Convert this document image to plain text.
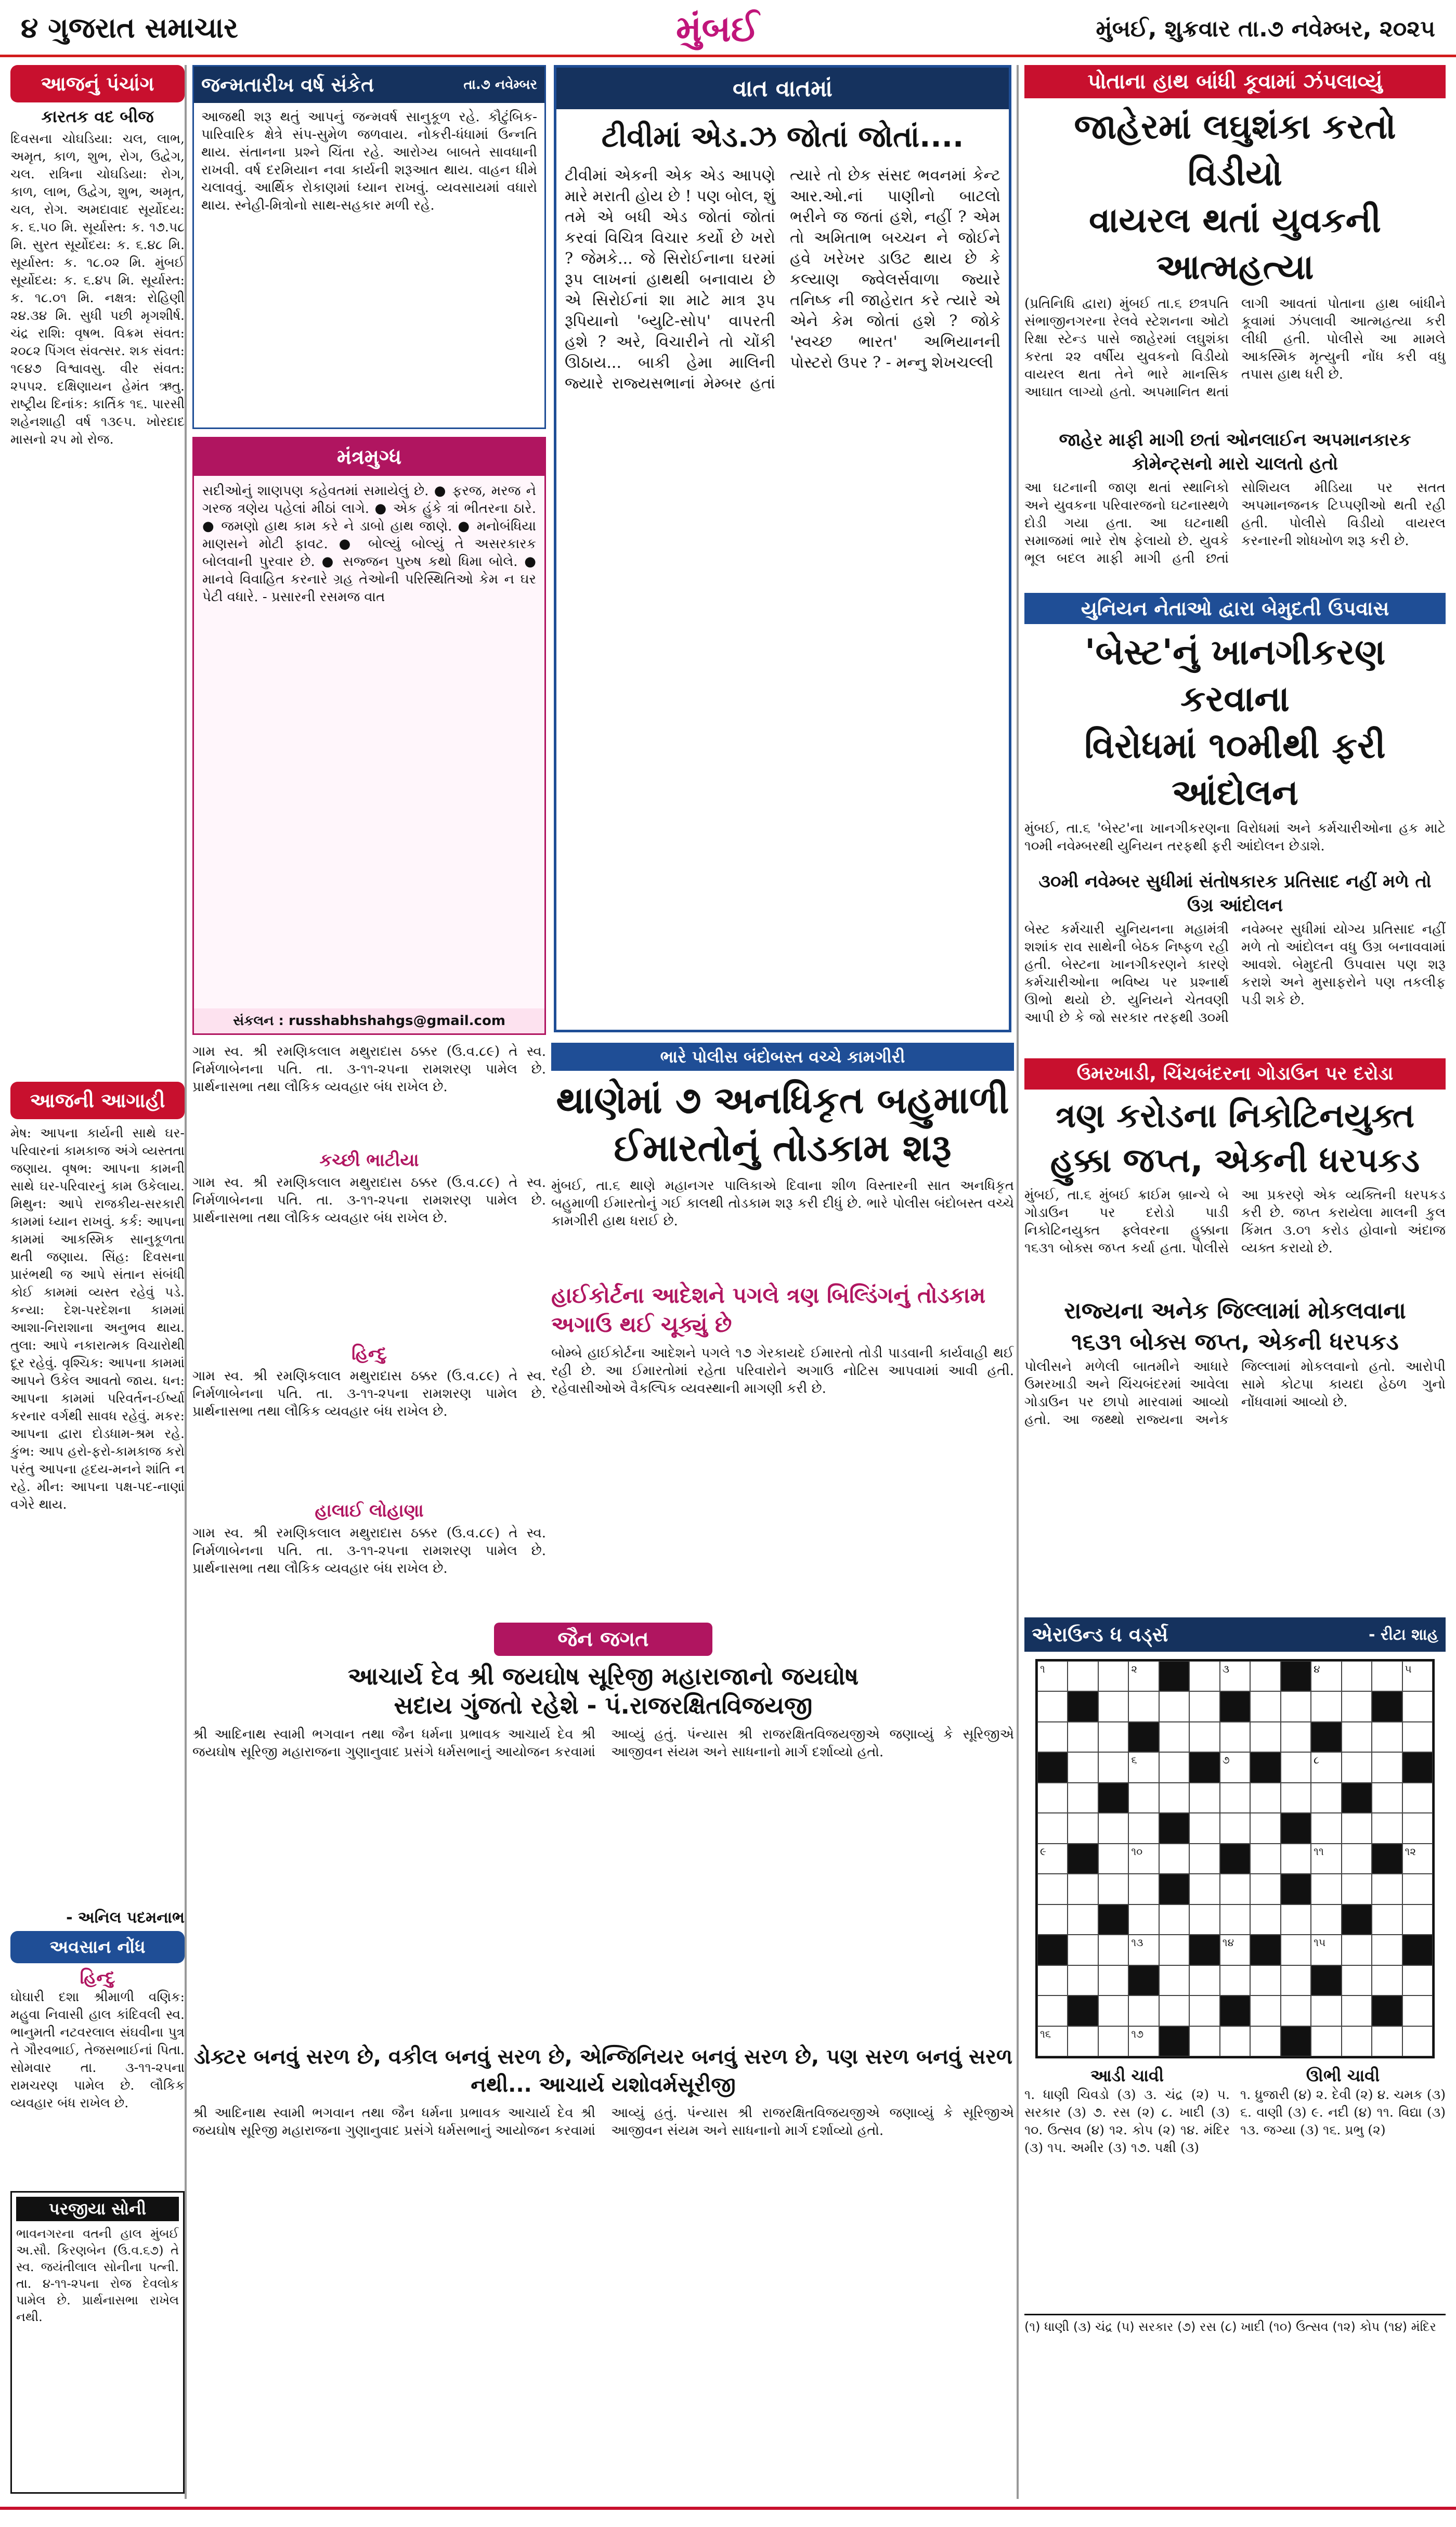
૪ ગુજરાત સમાચાર	મુંબઈ	મુંબઈ, શુક્રવાર તા.૭ નવેમ્બર, ૨૦૨૫
આજનું પંચાંગ
કારતક વદ બીજ
દિવસના ચોઘડિયા: ચલ, લાભ, અમૃત, કાળ, શુભ, રોગ, ઉદ્વેગ, ચલ. રાત્રિના ચોઘડિયા: રોગ, કાળ, લાભ, ઉદ્વેગ, શુભ, અમૃત, ચલ, રોગ. અમદાવાદ સૂર્યોદય: ક. ૬.૫૦ મિ. સૂર્યાસ્ત: ક. ૧૭.૫૮ મિ. સુરત સૂર્યોદય: ક. ૬.૪૮ મિ. સૂર્યાસ્ત: ક. ૧૮.૦૨ મિ. મુંબઈ સૂર્યોદય: ક. ૬.૪૫ મિ. સૂર્યાસ્ત: ક. ૧૮.૦૧ મિ. નક્ષત્ર: રોહિણી ૨૪.૩૪ મિ. સુધી પછી મૃગશીર્ષ. ચંદ્ર રાશિ: વૃષભ. વિક્રમ સંવત: ૨૦૮૨ પિંગલ સંવત્સર. શક સંવત: ૧૯૪૭ વિશ્વાવસુ. વીર સંવત: ૨૫૫૨. દક્ષિણાયન હેમંત ઋતુ. રાષ્ટ્રીય દિનાંક: કાર્તિક ૧૬. પારસી શહેનશાહી વર્ષ ૧૩૯૫. ખોરદાદ માસનો ૨૫ મો રોજ.
આજની આગાહી
મેષ: આપના કાર્યની સાથે ઘર-પરિવારનાં કામકાજ અંગે વ્યસ્તતા જણાય. વૃષભ: આપના કામની સાથે ઘર-પરિવારનું કામ ઉકેલાય. મિથુન: આપે રાજકીય-સરકારી કામમાં ધ્યાન રાખવું. કર્ક: આપના કામમાં આકસ્મિક સાનુકૂળતા થતી જણાય. સિંહ: દિવસના પ્રારંભથી જ આપે સંતાન સંબંધી કોઈ કામમાં વ્યસ્ત રહેવું પડે. કન્યા: દેશ-પરદેશના કામમાં આશા-નિરાશાના અનુભવ થાય. તુલા: આપે નકારાત્મક વિચારોથી દૂર રહેવું. વૃશ્ચિક: આપના કામમાં આપને ઉકેલ આવતો જાય. ધન: આપના કામમાં પરિવર્તન-ઈર્ષ્યા કરનાર વર્ગથી સાવધ રહેવું. મકર: આપના દ્વારા દોડધામ-શ્રમ રહે. કુંભ: આપ હરો-ફરો-કામકાજ કરો પરંતુ આપના હૃદય-મનને શાંતિ ન રહે. મીન: આપના પક્ષ-પદ-નાણાં વગેરે થાય.
- અનિલ પદમનાભ
અવસાન નોંધ
હિન્દુ
ઘોઘારી દશા શ્રીમાળી વણિક: મહુવા નિવાસી હાલ કાંદિવલી સ્વ. ભાનુમતી નટવરલાલ સંઘવીના પુત્ર તે ગૌરવભાઈ, તેજસભાઈનાં પિતા. સોમવાર તા. ૩-૧૧-૨૫ના રામચરણ પામેલ છે. લૌકિક વ્યવહાર બંધ રાખેલ છે.
પરજીયા સોની
ભાવનગરના વતની હાલ મુંબઈ અ.સૌ. કિરણબેન (ઉ.વ.૬૭) તે સ્વ. જયંતીલાલ સોનીના પત્ની. તા. ૪-૧૧-૨૫ના રોજ દેવલોક પામેલ છે. પ્રાર્થનાસભા રાખેલ નથી.
જન્મતારીખ વર્ષ સંકેત	તા.૭ નવેમ્બર
આજથી શરૂ થતું આપનું જન્મવર્ષ સાનુકૂળ રહે. કૌટુંબિક-પારિવારિક ક્ષેત્રે સંપ-સુમેળ જળવાય. નોકરી-ધંધામાં ઉન્નતિ થાય. સંતાનના પ્રશ્ને ચિંતા રહે. આરોગ્ય બાબતે સાવધાની રાખવી. વર્ષ દરમિયાન નવા કાર્યની શરૂઆત થાય. વાહન ધીમે ચલાવવું. આર્થિક રોકાણમાં ધ્યાન રાખવું. વ્યવસાયમાં વધારો થાય. સ્નેહી-મિત્રોનો સાથ-સહકાર મળી રહે.
મંત્રમુગ્ધ
સદીઓનું શાણપણ કહેવતમાં સમાયેલું છે. ● ફરજ, મરજ ને ગરજ ત્રણેય પહેલાં મીઠાં લાગે. ● એક હુંકે ત્રાં ભીતરના ઠારે. ● જમણો હાથ કામ કરે ને ડાબો હાથ જાણે. ● મનોબંધિયા માણસને મોટી ફાવટ. ● બોલ્યું બોલ્યું તે અસરકારક બોલવાની પુરવાર છે. ● સજ્જન પુરુષ કથો ધિમા બોલે. ● માનવે વિવાહિત કરનારે ગ્રહ તેઓની પરિસ્થિતિઓ કેમ ન ઘર પેટી વધારે. - પ્રસારની રસમજ વાત
સંકલન : russhabhshahgs@gmail.com
ગામ સ્વ. શ્રી રમણિકલાલ મથુરાદાસ ઠક્કર (ઉ.વ.૮૯) તે સ્વ. નિર્મળાબેનના પતિ. તા. ૩-૧૧-૨૫ના રામશરણ પામેલ છે. પ્રાર્થનાસભા તથા લૌકિક વ્યવહાર બંધ રાખેલ છે.
કચ્છી ભાટીયા
ગામ સ્વ. શ્રી રમણિકલાલ મથુરાદાસ ઠક્કર (ઉ.વ.૮૯) તે સ્વ. નિર્મળાબેનના પતિ. તા. ૩-૧૧-૨૫ના રામશરણ પામેલ છે. પ્રાર્થનાસભા તથા લૌકિક વ્યવહાર બંધ રાખેલ છે.
હિન્દુ
ગામ સ્વ. શ્રી રમણિકલાલ મથુરાદાસ ઠક્કર (ઉ.વ.૮૯) તે સ્વ. નિર્મળાબેનના પતિ. તા. ૩-૧૧-૨૫ના રામશરણ પામેલ છે. પ્રાર્થનાસભા તથા લૌકિક વ્યવહાર બંધ રાખેલ છે.
હાલાઈ લોહાણા
ગામ સ્વ. શ્રી રમણિકલાલ મથુરાદાસ ઠક્કર (ઉ.વ.૮૯) તે સ્વ. નિર્મળાબેનના પતિ. તા. ૩-૧૧-૨૫ના રામશરણ પામેલ છે. પ્રાર્થનાસભા તથા લૌકિક વ્યવહાર બંધ રાખેલ છે.
ભારે પોલીસ બંદોબસ્ત વચ્ચે કામગીરી
થાણેમાં ૭ અનધિકૃત બહુમાળી
ઈમારતોનું તોડકામ શરૂ
મુંબઈ, તા.૬ થાણે મહાનગર પાલિકાએ દિવાના શીળ વિસ્તારની સાત અનધિકૃત બહુમાળી ઈમારતોનું ગઈ કાલથી તોડકામ શરૂ કરી દીધું છે. ભારે પોલીસ બંદોબસ્ત વચ્ચે કામગીરી હાથ ધરાઈ છે.
હાઈકોર્ટના આદેશને પગલે ત્રણ બિલ્ડિંગનું તોડકામ અગાઉ થઈ ચૂક્યું છે
બોમ્બે હાઈકોર્ટના આદેશને પગલે ૧૭ ગેરકાયદે ઈમારતો તોડી પાડવાની કાર્યવાહી થઈ રહી છે. આ ઈમારતોમાં રહેતા પરિવારોને અગાઉ નોટિસ આપવામાં આવી હતી. રહેવાસીઓએ વૈકલ્પિક વ્યવસ્થાની માગણી કરી છે.
જૈન જગત
આચાર્ય દેવ શ્રી જયઘોષ સૂરિજી મહારાજાનો જયઘોષ
સદાય ગુંજતો રહેશે - પં.રાજરક્ષિતવિજયજી
શ્રી આદિનાથ સ્વામી ભગવાન તથા જૈન ધર્મના પ્રભાવક આચાર્ય દેવ શ્રી જયઘોષ સૂરિજી મહારાજના ગુણાનુવાદ પ્રસંગે ધર્મસભાનું આયોજન કરવામાં આવ્યું હતું. પંન્યાસ શ્રી રાજરક્ષિતવિજયજીએ જણાવ્યું કે સૂરિજીએ આજીવન સંયમ અને સાધનાનો માર્ગ દર્શાવ્યો હતો.
ડોક્ટર બનવું સરળ છે, વકીલ બનવું સરળ છે, એન્જિનિયર બનવું સરળ છે, પણ સરળ બનવું સરળ નથી... આચાર્ય યશોવર્મસૂરીજી
શ્રી આદિનાથ સ્વામી ભગવાન તથા જૈન ધર્મના પ્રભાવક આચાર્ય દેવ શ્રી જયઘોષ સૂરિજી મહારાજના ગુણાનુવાદ પ્રસંગે ધર્મસભાનું આયોજન કરવામાં આવ્યું હતું. પંન્યાસ શ્રી રાજરક્ષિતવિજયજીએ જણાવ્યું કે સૂરિજીએ આજીવન સંયમ અને સાધનાનો માર્ગ દર્શાવ્યો હતો.
વાત વાતમાં
ટીવીમાં એડ.ઝ જોતાં જોતાં....
ટીવીમાં એકની એક એડ આપણે મારે મરાતી હોય છે ! પણ બોલ, શું તમે એ બધી એડ જોતાં જોતાં કરવાં વિચિત્ર વિચાર કર્યો છે ખરો ? જેમકે... જે સિરોઈનાના ઘરમાં રૂપ લાખનાં હાથથી બનાવાય છે એ સિરોઈનાં શા માટે માત્ર રૂપ રૂપિયાનો 'બ્યુટિ-સોપ' વાપરતી હશે ? અરે, વિચારીને તો ચોંકી ઊઠાય... બાકી હેમા માલિની જ્યારે રાજ્યસભાનાં મેમ્બર હતાં ત્યારે તો છેક સંસદ ભવનમાં કેન્ટ આર.ઓ.નાં પાણીનો બાટલો ભરીને જ જતાં હશે, નહીં ? એમ તો અમિતાભ બચ્ચન ને જોઈને હવે ખરેખર ડાઉટ થાય છે કે કલ્યાણ જ્વેલર્સવાળા જ્યારે તનિષ્ક ની જાહેરાત કરે ત્યારે એ એને કેમ જોતાં હશે ? જોકે 'સ્વચ્છ ભારત' અભિયાનની પોસ્ટરો ઉપર ? - મન્નુ શેખચલ્લી
પોતાના હાથ બાંધી કૂવામાં ઝંપલાવ્યું
જાહેરમાં લઘુશંકા કરતો વિડીયો
વાયરલ થતાં યુવકની આત્મહત્યા
(પ્રતિનિધિ દ્વારા) મુંબઈ તા.૬ છત્રપતિ સંભાજીનગરના રેલવે સ્ટેશનના ઓટો રિક્ષા સ્ટેન્ડ પાસે જાહેરમાં લઘુશંકા કરતા ૨૨ વર્ષીય યુવકનો વિડીયો વાયરલ થતા તેને ભારે માનસિક આઘાત લાગ્યો હતો. અપમાનિત થતાં લાગી આવતાં પોતાના હાથ બાંધીને કૂવામાં ઝંપલાવી આત્મહત્યા કરી લીધી હતી. પોલીસે આ મામલે આકસ્મિક મૃત્યુની નોંધ કરી વધુ તપાસ હાથ ધરી છે.
જાહેર માફી માગી છતાં ઓનલાઈન અપમાનકારક કોમેન્ટ્સનો મારો ચાલતો હતો
આ ઘટનાની જાણ થતાં સ્થાનિકો અને યુવકના પરિવારજનો ઘટનાસ્થળે દોડી ગયા હતા. આ ઘટનાથી સમાજમાં ભારે રોષ ફેલાયો છે. યુવકે ભૂલ બદલ માફી માગી હતી છતાં સોશિયલ મીડિયા પર સતત અપમાનજનક ટિપ્પણીઓ થતી રહી હતી. પોલીસે વિડીયો વાયરલ કરનારની શોધખોળ શરૂ કરી છે.
યુનિયન નેતાઓ દ્વારા બેમુદતી ઉપવાસ
'બેસ્ટ'નું ખાનગીકરણ કરવાના
વિરોધમાં ૧૦મીથી ફરી આંદોલન
મુંબઈ, તા.૬ 'બેસ્ટ'ના ખાનગીકરણના વિરોધમાં અને કર્મચારીઓના હક માટે ૧૦મી નવેમ્બરથી યુનિયન તરફથી ફરી આંદોલન છેડાશે.
૩૦મી નવેમ્બર સુધીમાં સંતોષકારક પ્રતિસાદ નહીં મળે તો ઉગ્ર આંદોલન
બેસ્ટ કર્મચારી યુનિયનના મહામંત્રી શશાંક રાવ સાથેની બેઠક નિષ્ફળ રહી હતી. બેસ્ટના ખાનગીકરણને કારણે કર્મચારીઓના ભવિષ્ય પર પ્રશ્નાર્થ ઊભો થયો છે. યુનિયને ચેતવણી આપી છે કે જો સરકાર તરફથી ૩૦મી નવેમ્બર સુધીમાં યોગ્ય પ્રતિસાદ નહીં મળે તો આંદોલન વધુ ઉગ્ર બનાવવામાં આવશે. બેમુદતી ઉપવાસ પણ શરૂ કરાશે અને મુસાફરોને પણ તકલીફ પડી શકે છે.
ઉમરખાડી, ચિંચબંદરના ગોડાઉન પર દરોડા
ત્રણ કરોડના નિકોટિનયુક્ત
હુક્કા જપ્ત, એકની ધરપકડ
મુંબઈ, તા.૬ મુંબઈ ક્રાઈમ બ્રાન્ચે બે ગોડાઉન પર દરોડો પાડી નિકોટિનયુક્ત ફ્લેવરના હુક્કાના ૧૬૩૧ બોક્સ જપ્ત કર્યા હતા. પોલીસે આ પ્રકરણે એક વ્યક્તિની ધરપકડ કરી છે. જપ્ત કરાયેલા માલની કુલ કિંમત ૩.૦૧ કરોડ હોવાનો અંદાજ વ્યક્ત કરાયો છે.
રાજ્યના અનેક જિલ્લામાં મોકલવાના
૧૬૩૧ બોક્સ જપ્ત, એકની ધરપકડ
પોલીસને મળેલી બાતમીને આધારે ઉમરખાડી અને ચિંચબંદરમાં આવેલા ગોડાઉન પર છાપો મારવામાં આવ્યો હતો. આ જથ્થો રાજ્યના અનેક જિલ્લામાં મોકલવાનો હતો. આરોપી સામે કોટપા કાયદા હેઠળ ગુનો નોંધવામાં આવ્યો છે.
એરાઉન્ડ ધ વર્ડ્સ	- રીટા શાહ
૧	૨	૩	૪	૫
૬	૭	૮
૯	૧૦	૧૧	૧૨
૧૩	૧૪	૧૫
૧૬	૧૭
આડી ચાવી
૧. ધાણી ચિવડો (૩) ૩. ચંદ્ર (૨) ૫. સરકાર (૩) ૭. રસ (૨) ૮. ખાદી (૩) ૧૦. ઉત્સવ (૪) ૧૨. કોપ (૨) ૧૪. મંદિર (૩) ૧૫. અમીર (૩) ૧૭. પક્ષી (૩)
ઊભી ચાવી
૧. ધ્રુજારી (૪) ૨. દેવી (૨) ૪. ચમક (૩) ૬. વાણી (૩) ૯. નદી (૪) ૧૧. વિદ્યા (૩) ૧૩. જગ્યા (૩) ૧૬. પ્રભુ (૨)
(૧) ધાણી (૩) ચંદ્ર (૫) સરકાર (૭) રસ (૮) ખાદી (૧૦) ઉત્સવ (૧૨) કોપ (૧૪) મંદિર
